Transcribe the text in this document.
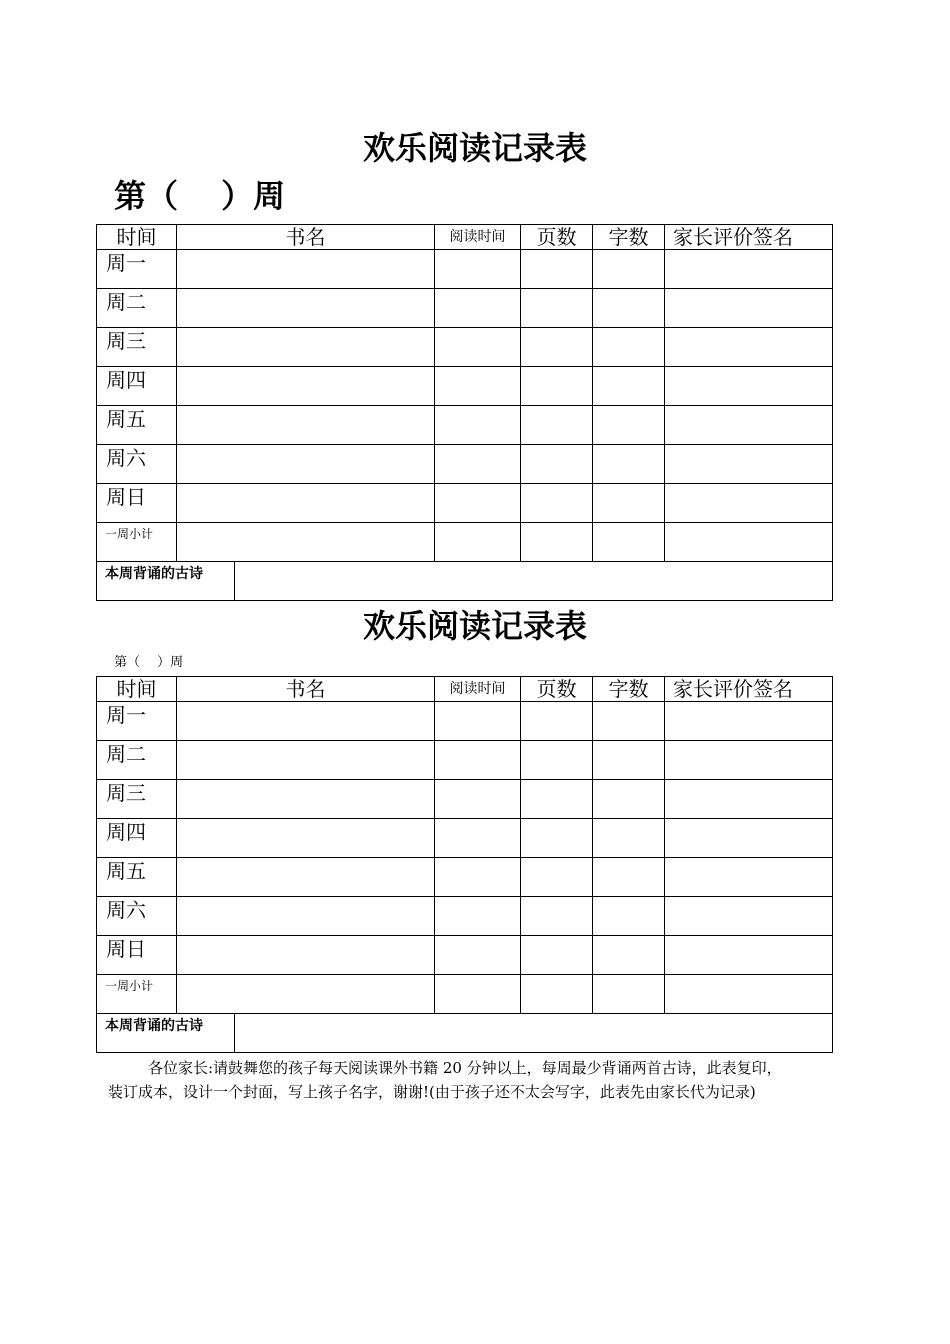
欢乐阅读记录表
第（　 ）周
时间	书名	阅读时间	页数	字数	家长评价签名
周一					
周二					
周三					
周四					
周五					
周六					
周日					
一周小计					

本周背诵的古诗					
欢乐阅读记录表
第（　 ）周
时间	书名	阅读时间	页数	字数	家长评价签名
周一					
周二					
周三					
周四					
周五					
周六					
周日					
一周小计					

本周背诵的古诗					
各位家长:请鼓舞您的孩子每天阅读课外书籍 20 分钟以上，每周最少背诵两首古诗，此表复印，
装订成本，设计一个封面，写上孩子名字，谢谢!(由于孩子还不太会写字，此表先由家长代为记录)
